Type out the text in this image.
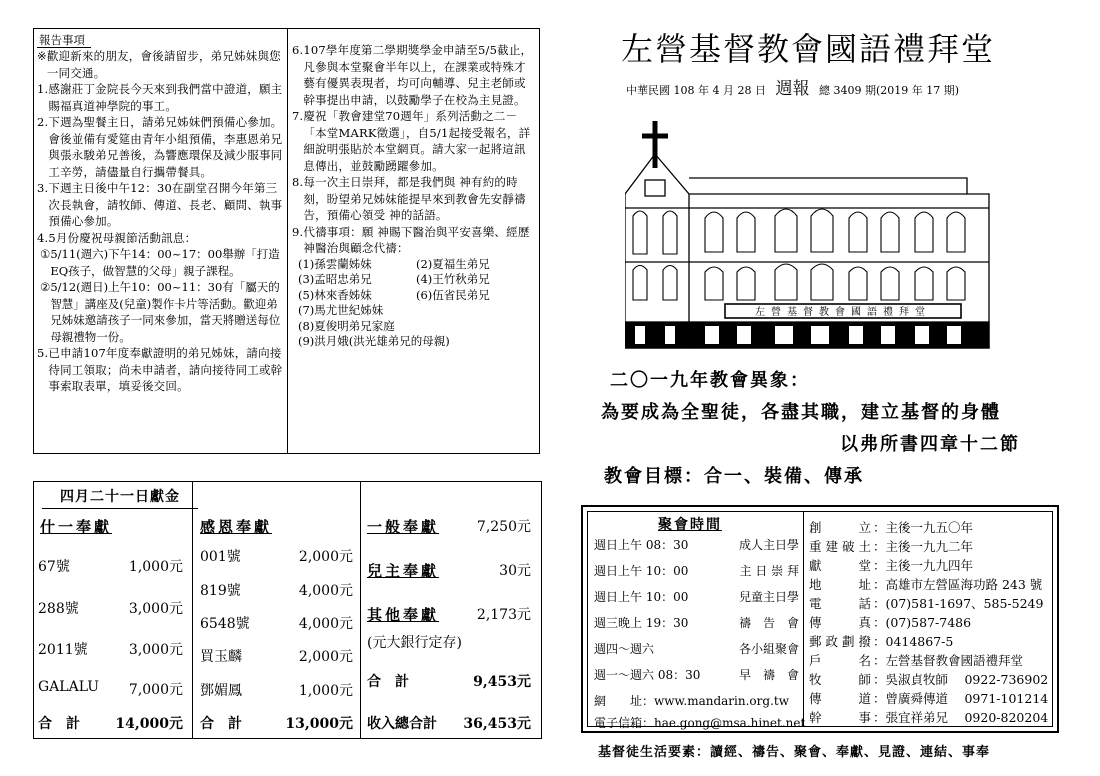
報告事項
※ 歡迎新來的朋友，會後請留步，弟兄姊妹與您一同交通。
1. 感謝莊丁金院長今天來到我們當中證道，願主賜福真道神學院的事工。
2. 下週為聖餐主日，請弟兄姊妹們預備心參加。會後並備有愛筵由青年小組預備，李惠恩弟兄與張永駿弟兄善後，為響應環保及減少服事同工辛勞，請儘量自行攜帶餐具。
3. 下週主日後中午12：30在副堂召開今年第三次長執會，請牧師、傳道、長老、顧問、執事預備心參加。
4. 5月份慶祝母親節活動訊息：
① 5/11(週六)下午14：00~17：00舉辦「打造EQ孩子，做智慧的父母」親子課程。
② 5/12(週日)上午10：00~11：30有「屬天的智慧」講座及(兒童)製作卡片等活動。歡迎弟兄姊妹邀請孩子一同來參加，當天將贈送每位母親禮物一份。
5. 已申請107年度奉獻證明的弟兄姊妹，請向接待同工領取；尚未申請者，請向接待同工或幹事索取表單，填妥後交回。
6. 107學年度第二學期獎學金申請至5/5截止，凡參與本堂聚會半年以上，在課業或特殊才藝有優異表現者，均可向輔導、兒主老師或幹事提出申請，以鼓勵學子在校為主見證。
7. 慶祝「教會建堂70週年」系列活動之二－「本堂MARK徵選」，自5/1起接受報名，詳細說明張貼於本堂網頁。請大家一起將這訊息傳出，並鼓勵踴躍參加。
8. 每一次主日崇拜，都是我們與 神有約的時刻，盼望弟兄姊妹能提早來到教會先安靜禱告，預備心領受 神的話語。
9. 代禱事項：願 神賜下醫治與平安喜樂、經歷 神醫治與顧念代禱：
(1)孫雲蘭姊妹	(2)夏福生弟兄
(3)孟昭忠弟兄	(4)王竹秋弟兄
(5)林來香姊妹	(6)伍省民弟兄
(7)馬尤世紀姊妹
(8)夏俊明弟兄家庭
(9)洪月娥(洪光雄弟兄的母親)
四月二十一日獻金
什一奉獻
67號	1,000元
288號	3,000元
2011號	3,000元
GALALU 7,000元
合　計	14,000元
感恩奉獻
001號	2,000元
819號	4,000元
6548號	4,000元
買玉麟	2,000元
鄧媚鳳	1,000元
合　計	13,000元
一般奉獻	7,250元
兒主奉獻	30元
其他奉獻	2,173元
(元大銀行定存)
合　計	9,453元
收入總合計 36,453元
左營基督教會國語禮拜堂
中華民國 108 年 4 月 28 日 週報 總 3409 期(2019 年 17 期)
左營基督教會國語禮拜堂
二〇一九年教會異象：
為要成為全聖徒，各盡其職，建立基督的身體
以弗所書四章十二節
教會目標：合一、裝備、傳承
聚會時間
週日上午 08：30	成人主日學
週日上午 10：00	主 日 崇 拜
週日上午 10：00	兒童主日學
週三晚上 19：30	禱　告　會
週四～週六	各小組聚會
週一～週六 08：30	早　禱　會
網　　址：www.mandarin.org.tw
電子信箱：hae.gong@msa.hinet.net
創立 ：主後一九五〇年
重建破土 ：主後一九九二年
獻堂 ：主後一九九四年
地址 ：高雄市左營區海功路 243 號
電話 ：(07)581-1697、585-5249
傳真 ：(07)587-7486
郵政劃撥 ：0414867-5
戶名 ：左營基督教會國語禮拜堂
牧師 ：吳淑貞牧師　 0922-736902
傳道 ：曾廣舜傳道　 0971-101214
幹事 ：張宜祥弟兄　 0920-820204
基督徒生活要素：讀經、禱告、聚會、奉獻、見證、連結、事奉
